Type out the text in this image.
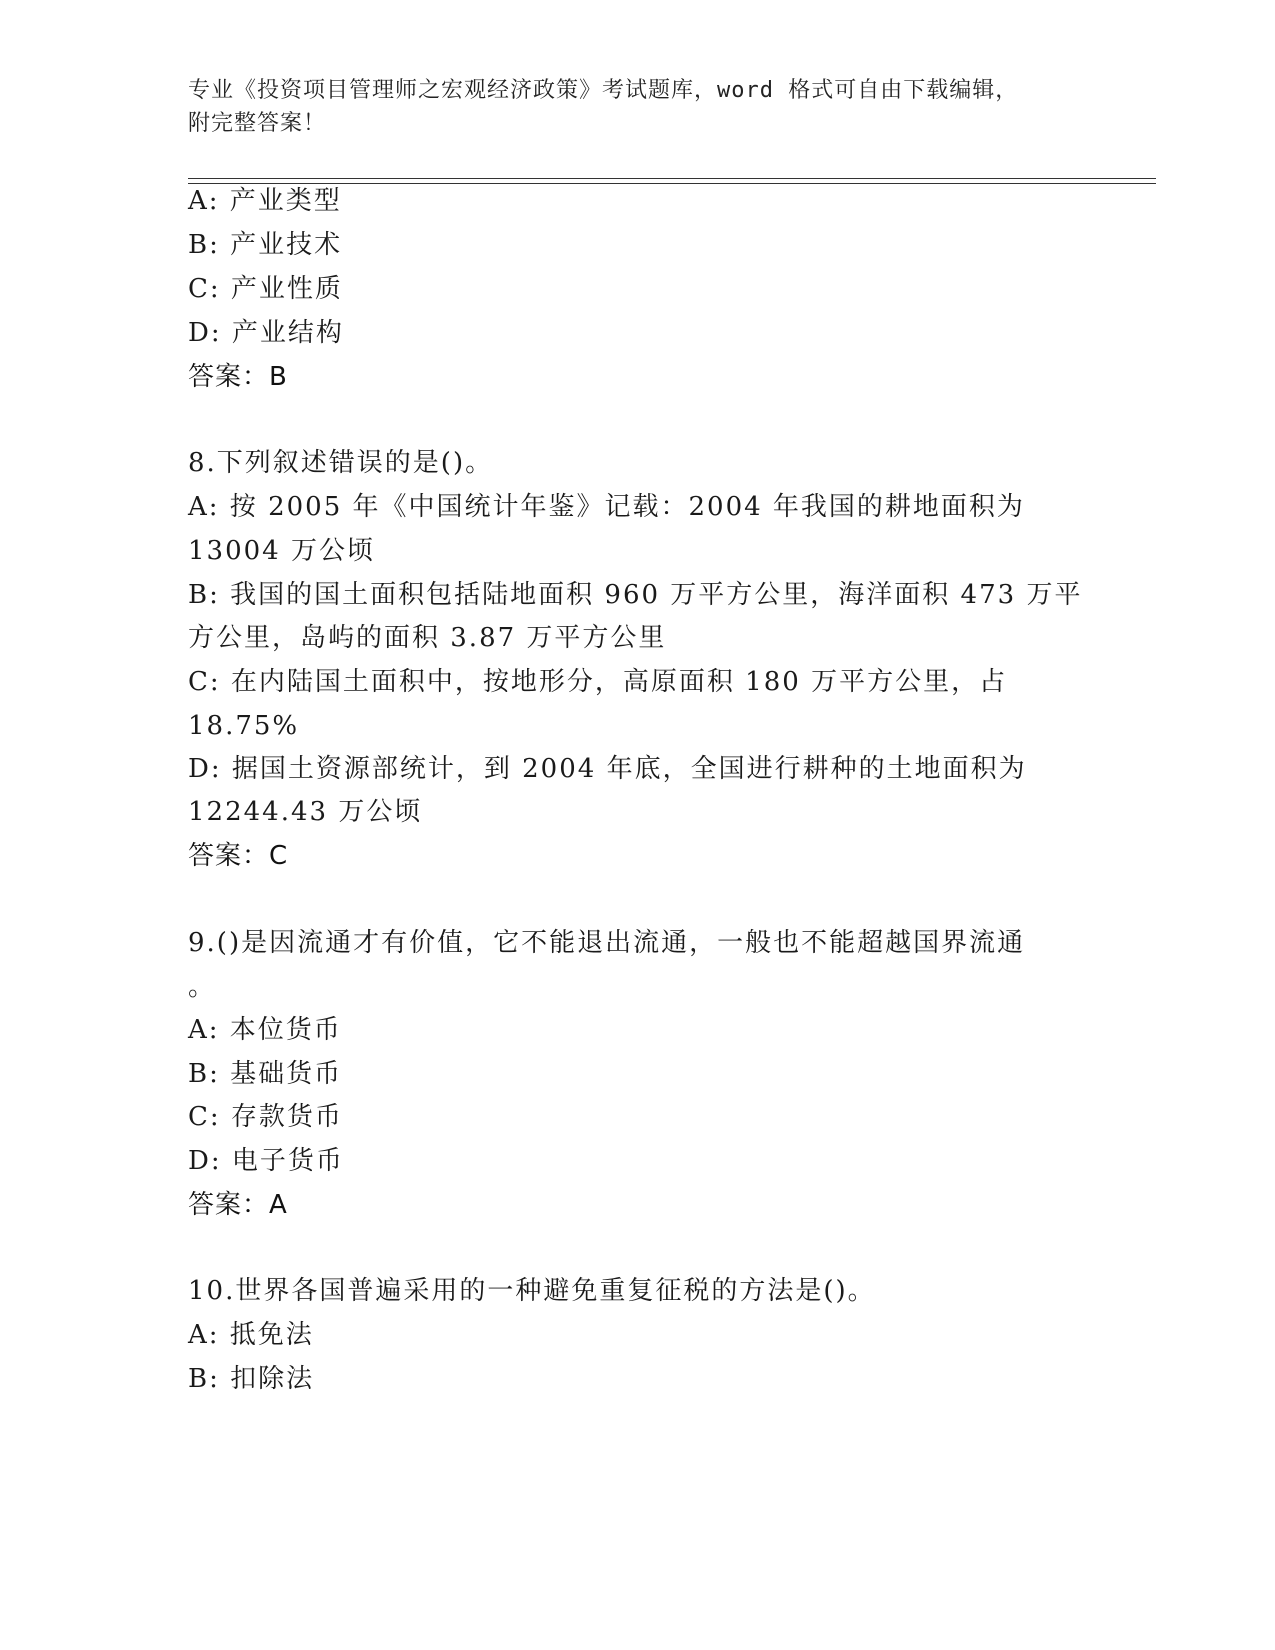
专业《投资项目管理师之宏观经济政策》考试题库，word 格式可自由下载编辑，
附完整答案！
A: 产业类型
B: 产业技术
C: 产业性质
D: 产业结构
答案：B
8.下列叙述错误的是()。
A: 按 2005 年《中国统计年鉴》记载：2004 年我国的耕地面积为
13004 万公顷
B: 我国的国土面积包括陆地面积 960 万平方公里，海洋面积 473 万平
方公里，岛屿的面积 3.87 万平方公里
C: 在内陆国土面积中，按地形分，高原面积 180 万平方公里，占
18.75%
D: 据国土资源部统计，到 2004 年底，全国进行耕种的土地面积为
12244.43 万公顷
答案：C
9.()是因流通才有价值，它不能退出流通，一般也不能超越国界流通
。
A: 本位货币
B: 基础货币
C: 存款货币
D: 电子货币
答案：A
10.世界各国普遍采用的一种避免重复征税的方法是()。
A: 抵免法
B: 扣除法
